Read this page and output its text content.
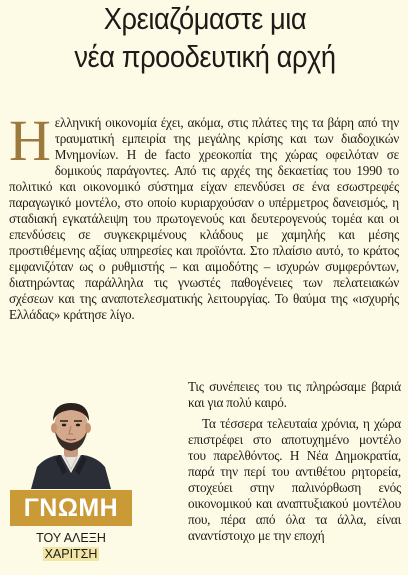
Χρειαζόμαστε μια
νέα προοδευτική αρχή

Ηελληνική οικονομία έχει, ακόμα, στις πλάτες της τα βάρη από την τραυματική εμπειρία της μεγάλης κρίσης και των διαδοχικών Μνημονίων. Η de facto χρεοκοπία της χώρας οφειλόταν σε δομικούς παράγοντες. Από τις αρχές της δεκαετίας του 1990 το πολιτικό και οικονομικό σύστημα είχαν επενδύσει σε ένα εσωστρεφές παραγωγικό μοντέλο, στο οποίο κυριαρχούσαν ο υπέρμετρος δανεισμός, η σταδιακή εγκατάλειψη του πρωτογενούς και δευτερογενούς τομέα και οι επενδύσεις σε συγκεκριμένους κλάδους με χαμηλής και μέσης προστιθέμενης αξίας υπηρεσίες και προϊόντα. Στο πλαίσιο αυτό, το κράτος εμφανιζόταν ως ο ρυθμιστής – και αιμοδότης – ισχυρών συμφερόντων, διατηρώντας παράλληλα τις γνωστές παθογένειες των πελατειακών σχέσεων και της αναποτελεσματικής λειτουργίας. Το θαύμα της «ισχυρής Ελλάδας» κράτησε λίγο.

ΓΝΩΜΗ
ΤΟΥ ΑΛΕΞΗ
ΧΑΡΙΤΣΗ

Τις συνέπειες του τις πληρώσαμε βαριά και για πολύ καιρό.

Τα τέσσερα τελευταία χρόνια, η χώρα επιστρέφει στο αποτυχημένο μοντέλο του παρελθόντος. Η Νέα Δημοκρατία, παρά την περί του αντιθέτου ρητορεία, στοχεύει στην παλινόρθωση ενός οικονομικού και αναπτυξιακού μοντέλου που, πέρα από όλα τα άλλα, είναι αναντίστοιχο με την εποχή
